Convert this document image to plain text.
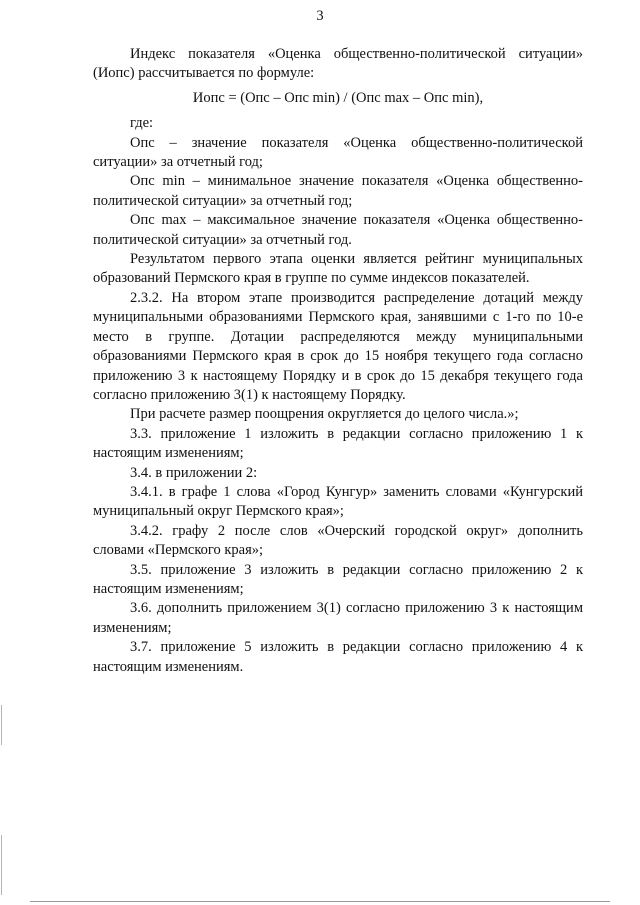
3

Индекс показателя «Оценка общественно-политической ситуации» (Иопс) рассчитывается по формуле:

Иопс = (Опс – Опс min) / (Опс max – Опс min),

где:

Опс – значение показателя «Оценка общественно-политической ситуации» за отчетный год;

Опс min – минимальное значение показателя «Оценка общественно-политической ситуации» за отчетный год;

Опс max – максимальное значение показателя «Оценка общественно-политической ситуации» за отчетный год.

Результатом первого этапа оценки является рейтинг муниципальных образований Пермского края в группе по сумме индексов показателей.

2.3.2. На втором этапе производится распределение дотаций между муниципальными образованиями Пермского края, занявшими с 1-го по 10-е место в группе. Дотации распределяются между муниципальными образованиями Пермского края в срок до 15 ноября текущего года согласно приложению 3 к настоящему Порядку и в срок до 15 декабря текущего года согласно приложению 3(1) к настоящему Порядку.

При расчете размер поощрения округляется до целого числа.»;

3.3. приложение 1 изложить в редакции согласно приложению 1 к настоящим изменениям;

3.4. в приложении 2:

3.4.1. в графе 1 слова «Город Кунгур» заменить словами «Кунгурский муниципальный округ Пермского края»;

3.4.2. графу 2 после слов «Очерский городской округ» дополнить словами «Пермского края»;

3.5. приложение 3 изложить в редакции согласно приложению 2 к настоящим изменениям;

3.6. дополнить приложением 3(1) согласно приложению 3 к настоящим изменениям;

3.7. приложение 5 изложить в редакции согласно приложению 4 к настоящим изменениям.
